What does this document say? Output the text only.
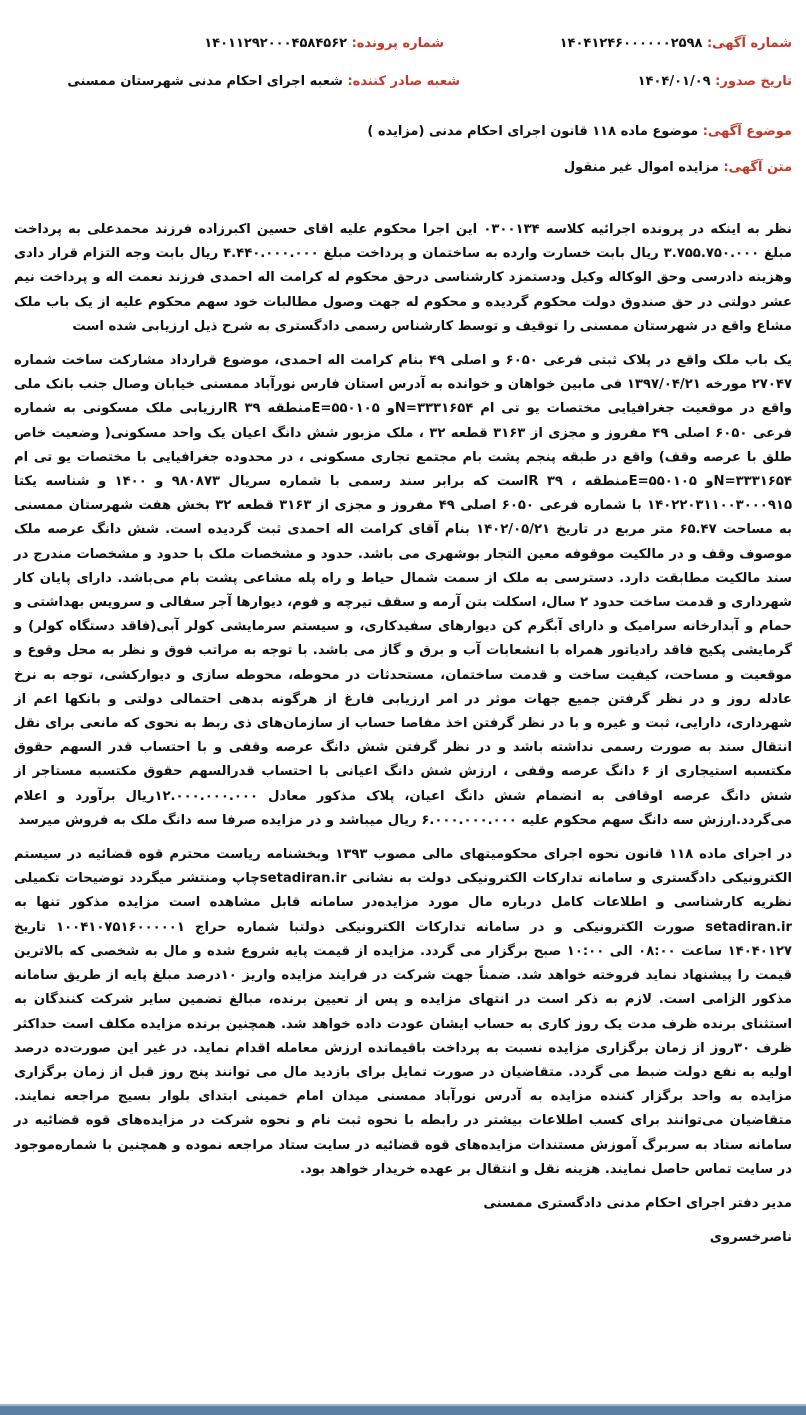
شماره آگهی: ۱۴۰۴۱۲۴۶۰۰۰۰۰۰۲۵۹۸
شماره پرونده: ۱۴۰۱۱۲۹۲۰۰۰۴۵۸۴۵۶۲
تاریخ صدور: ۱۴۰۴/۰۱/۰۹
شعبه صادر کننده: شعبه اجرای احکام مدنی شهرستان ممسنی
موضوع آگهی: موضوع ماده ۱۱۸ قانون اجرای احکام مدنی (مزایده )
متن آگهی: مزایده اموال غیر منقول

نظر به اینکه در پرونده اجرائیه کلاسه ۰۳۰۰۱۳۴ این اجرا محکوم علیه اقای حسین اکبرزاده فرزند محمدعلی به پرداخت مبلغ ۳.۷۵۵.۷۵۰.۰۰۰ ریال بابت خسارت وارده به ساختمان و پرداخت مبلغ ۴.۴۴۰.۰۰۰.۰۰۰ ریال بابت وجه التزام قرار دادی وهزینه دادرسی وحق الوکاله وکیل ودستمزد کارشناسی درحق محکوم له کرامت اله احمدی فرزند نعمت اله و پرداخت نیم عشر دولتی در حق صندوق دولت محکوم گردیده و محکوم له جهت وصول مطالبات خود سهم محکوم علیه از یک باب ملک مشاع واقع در شهرستان ممسنی را توقیف و توسط کارشناس رسمی دادگستری به شرح ذیل ارزیابی شده است

یک باب ملک واقع در پلاک ثبتی فرعی ۶۰۵۰ و اصلی ۴۹ بنام کرامت اله احمدی، موضوع قرارداد مشارکت ساخت شماره ۲۷۰۴۷ مورخه ۱۳۹۷/۰۴/۲۱ فی مابین خواهان و خوانده به آدرس استان فارس نورآباد ممسنی خیابان وصال جنب بانک ملی واقع در موقعیت جغرافیایی مختصات یو تی ام N=۳۳۳۱۶۵۴و E=۵۵۰۱۰۵منطقه R ۳۹ارزیابی ملک مسکونی به شماره فرعی ۶۰۵۰ اصلی ۴۹ مفروز و مجزی از ۳۱۶۳ قطعه ۳۲ ، ملک مزبور شش دانگ اعیان یک واحد مسکونی( وضعیت خاص طلق با عرصه وقف) واقع در طبقه پنجم پشت بام مجتمع تجاری مسکونی ، در محدوده جغرافیایی با مختصات یو تی ام N=۳۳۳۱۶۵۴و E=۵۵۰۱۰۵منطقه ، R ۳۹است که برابر سند رسمی با شماره سریال ۹۸۰۸۷۳ و ۱۴۰۰ و شناسه یکتا ۱۴۰۲۲۰۳۱۱۰۰۳۰۰۰۹۱۵ با شماره فرعی ۶۰۵۰ اصلی ۴۹ مفروز و مجزی از ۳۱۶۳ قطعه ۳۲ بخش هفت شهرستان ممسنی به مساحت ۶۵.۴۷ متر مربع در تاریخ ۱۴۰۲/۰۵/۲۱ بنام آقای کرامت اله احمدی ثبت گردیده است. شش دانگ عرصه ملک موصوف وقف و در مالکیت موقوفه معین التجار بوشهری می باشد. حدود و مشخصات ملک با حدود و مشخصات مندرج در سند مالکیت مطابقت دارد. دسترسی به ملک از سمت شمال حیاط و راه پله مشاعی پشت بام می‌باشد. دارای پایان کار شهرداری و قدمت ساخت حدود ۲ سال، اسکلت بتن آرمه و سقف تیرچه و فوم، دیوارها آجر سفالی و سرویس بهداشتی و حمام و آبدارخانه سرامیک و دارای آبگرم کن دیوارهای سفیدکاری، و سیستم سرمایشی کولر آبی(فاقد دستگاه کولر) و گرمایشی پکیج فاقد رادیاتور همراه با انشعابات آب و برق و گاز می باشد. با توجه به مراتب فوق و نظر به محل وقوع و موقعیت و مساحت، کیفیت ساخت و قدمت ساختمان، مستحدثات در محوطه، محوطه سازی و دیوارکشی، توجه به نرخ عادله روز و در نظر گرفتن جمیع جهات موثر در امر ارزیابی فارغ از هرگونه بدهی احتمالی دولتی و بانکها اعم از شهرداری، دارایی، ثبت و غیره و با در نظر گرفتن اخذ مفاصا حساب از سازمان‌های ذی ربط به نحوی که مانعی برای نقل انتقال سند به صورت رسمی نداشته باشد و در نظر گرفتن شش دانگ عرصه وقفی و با احتساب قدر السهم حقوق مکتسبه استیجاری از ۶ دانگ عرصه وقفی ، ارزش شش دانگ اعیانی با احتساب قدرالسهم حقوق مکتسبه مستاجر از شش دانگ عرصه اوقافی به انضمام شش دانگ اعیان، پلاک مذکور معادل ۱۲.۰۰۰.۰۰۰.۰۰۰ریال برآورد و اعلام می‌گردد.ارزش سه دانگ سهم محکوم علیه ۶.۰۰۰.۰۰۰.۰۰۰ ریال میباشد و در مزایده صرفا سه دانگ ملک به فروش میرسد

در اجرای ماده ۱۱۸ قانون نحوه اجرای محکومیتهای مالی مصوب ۱۳۹۳ وبخشنامه ریاست محترم قوه قضائیه در سیستم الکترونیکی دادگستری و سامانه تدارکات الکترونیکی دولت به نشانی setadiran.irچاپ ومنتشر میگردد توضیحات تکمیلی نظریه کارشناسی و اطلاعات کامل درباره مال مورد مزایده‌در سامانه قابل مشاهده است مزایده مذکور تنها به setadiran.ir صورت الکترونیکی و در سامانه تدارکات الکترونیکی دولتبا شماره حراج ۱۰۰۴۱۰۷۵۱۶۰۰۰۰۰۱ تاریخ ۱۴۰۴۰۱۲۷ ساعت ۰۸:۰۰ الی ۱۰:۰۰ صبح برگزار می گردد. مزایده از قیمت پایه شروع شده و مال به شخصی که بالاترین قیمت را پیشنهاد نماید فروخته خواهد شد. ضمناً جهت شرکت در فرایند مزایده واریز ۱۰درصد مبلغ پایه از طریق سامانه مذکور الزامی است. لازم به ذکر است در انتهای مزایده و پس از تعیین برنده، مبالغ تضمین سایر شرکت کنندگان به استثنای برنده ظرف مدت یک روز کاری به حساب ایشان عودت داده خواهد شد. همچنین برنده مزایده مکلف است حداکثر ظرف ۳۰روز از زمان برگزاری مزایده نسبت به پرداخت باقیمانده ارزش معامله اقدام نماید. در غیر این صورت‌ده درصد اولیه به نفع دولت ضبط می گردد. متقاضیان در صورت تمایل برای بازدید مال می توانند پنج روز قبل از زمان برگزاری مزایده به واحد برگزار کننده مزایده به آدرس نورآباد ممسنی میدان امام خمینی ابتدای بلوار بسیج مراجعه نمایند. متقاضیان می‌توانند برای کسب اطلاعات بیشتر در رابطه با نحوه ثبت نام و نحوه شرکت در مزایده‌های قوه قضائیه در سامانه ستاد به سربرگ آموزش مستندات مزایده‌های قوه قضائیه در سایت ستاد مراجعه نموده و همچنین با شماره‌موجود در سایت تماس حاصل نمایند. هزینه نقل و انتقال بر عهده خریدار خواهد بود.

مدیر دفتر اجرای احکام مدنی دادگستری ممسنی

ناصرخسروی
